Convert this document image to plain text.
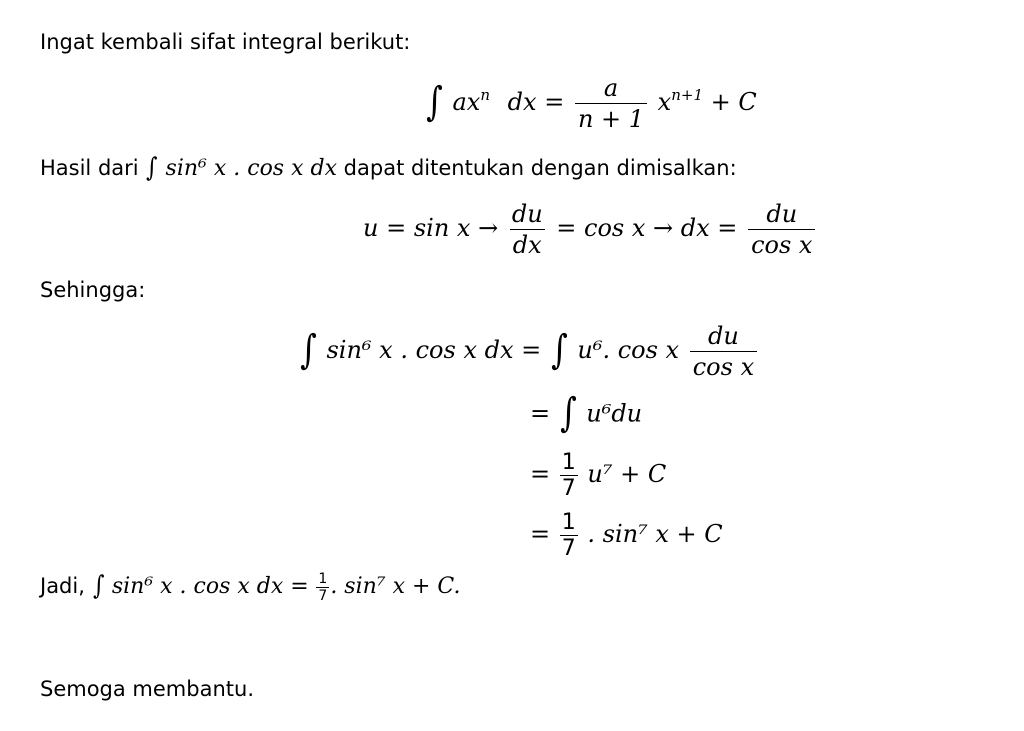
Ingat kembali sifat integral berikut:
∫ $ax^n$ dx = $\frac{a}{n + 1} x^{n+1} + C$
Hasil dari ∫ sin⁶ x . cos x dx dapat ditentukan dengan dimisalkan:
$u = \sin x \to \frac{du}{dx} = \cos x$ → dx = $\frac{du}{\text{cos x}}$
Sehingga:
∫ sin⁶ x . cos x dx = ∫ u⁶. cos x $\frac{du}{\text{cos x}}$
= ∫ u⁶du
= $\frac{1}{7} u^7 + C$
= $\frac{1}{7}$ . sin⁷ x + C
Jadi, ∫ sin⁶ x . cos x dx = $\frac{1}{7}$ . sin⁷ x + C.
Semoga membantu.
